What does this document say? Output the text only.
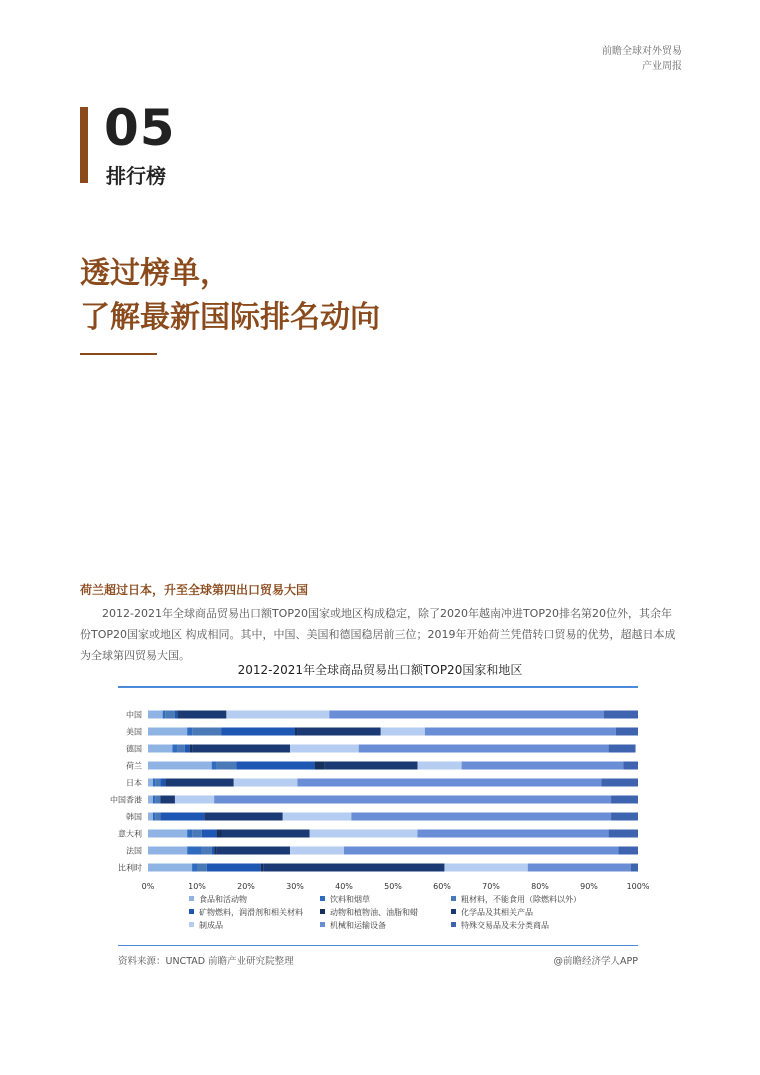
前瞻全球对外贸易
产业周报
05
排行榜
透过榜单，
了解最新国际排名动向
荷兰超过日本，升至全球第四出口贸易大国
2012-2021年全球商品贸易出口额TOP20国家或地区构成稳定，除了2020年越南冲进TOP20排名第20位外，其余年份TOP20国家或地区 构成相同。其中，中国、美国和德国稳居前三位；2019年开始荷兰凭借转口贸易的优势，超越日本成为全球第四贸易大国。
2012-2021年全球商品贸易出口额TOP20国家和地区
中国
美国
德国
荷兰
日本
中国香港
韩国
意大利
法国
比利时
0%	10%	20%	30%	40%	50%	60%	70%	80%	90%	100%
食品和活动物	饮料和烟草	粗材料，不能食用（除燃料以外）
矿物燃料，润滑剂和相关材料	动物和植物油、油脂和蜡	化学品及其相关产品
制成品	机械和运输设备	特殊交易品及未分类商品
资料来源：UNCTAD 前瞻产业研究院整理	@前瞻经济学人APP
